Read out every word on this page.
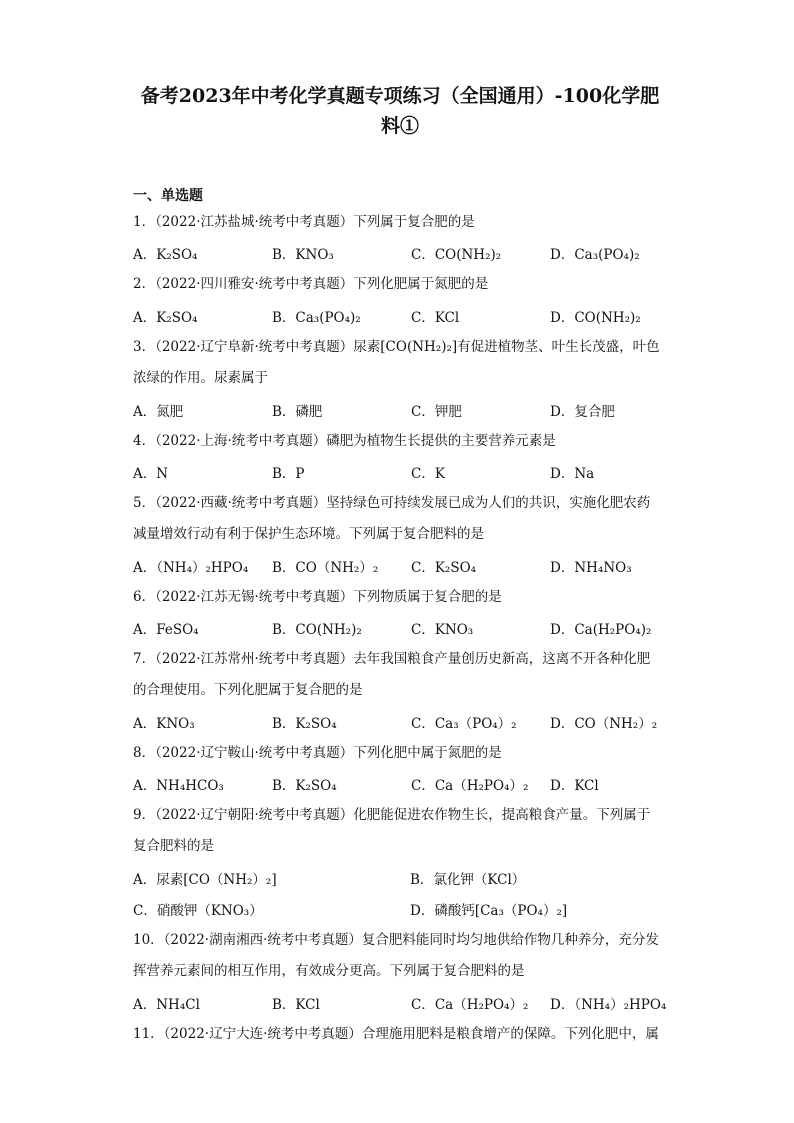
备考2023年中考化学真题专项练习（全国通用）-100化学肥
料①
一、单选题
1．（2022·江苏盐城·统考中考真题）下列属于复合肥的是
A．K₂SO₄	B．KNO₃	C．CO(NH₂)₂	D．Ca₃(PO₄)₂
2．（2022·四川雅安·统考中考真题）下列化肥属于氮肥的是
A．K₂SO₄	B．Ca₃(PO₄)₂	C．KCl	D．CO(NH₂)₂
3．（2022·辽宁阜新·统考中考真题）尿素[CO(NH₂)₂]有促进植物茎、叶生长茂盛，叶色
浓绿的作用。尿素属于
A．氮肥	B．磷肥	C．钾肥	D．复合肥
4．（2022·上海·统考中考真题）磷肥为植物生长提供的主要营养元素是
A．N	B．P	C．K	D．Na
5．（2022·西藏·统考中考真题）坚持绿色可持续发展已成为人们的共识，实施化肥农药
减量增效行动有利于保护生态环境。下列属于复合肥料的是
A．（NH₄）₂HPO₄ B．CO（NH₂）₂ C．K₂SO₄	D．NH₄NO₃
6．（2022·江苏无锡·统考中考真题）下列物质属于复合肥的是
A．FeSO₄	B．CO(NH₂)₂	C．KNO₃	D．Ca(H₂PO₄)₂
7．（2022·江苏常州·统考中考真题）去年我国粮食产量创历史新高，这离不开各种化肥
的合理使用。下列化肥属于复合肥的是
A．KNO₃	B．K₂SO₄	C．Ca₃（PO₄）₂ D．CO（NH₂）₂
8．（2022·辽宁鞍山·统考中考真题）下列化肥中属于氮肥的是
A．NH₄HCO₃	B．K₂SO₄	C．Ca（H₂PO₄）₂ D．KCl
9．（2022·辽宁朝阳·统考中考真题）化肥能促进农作物生长，提高粮食产量。下列属于
复合肥料的是
A．尿素[CO（NH₂）₂]	B．氯化钾（KCl）
C．硝酸钾（KNO₃）	D．磷酸钙[Ca₃（PO₄）₂]
10．（2022·湖南湘西·统考中考真题）复合肥料能同时均匀地供给作物几种养分，充分发
挥营养元素间的相互作用，有效成分更高。下列属于复合肥料的是
A．NH₄Cl	B．KCl	C．Ca（H₂PO₄）₂ D．（NH₄）₂HPO₄
11．（2022·辽宁大连·统考中考真题）合理施用肥料是粮食增产的保障。下列化肥中，属
